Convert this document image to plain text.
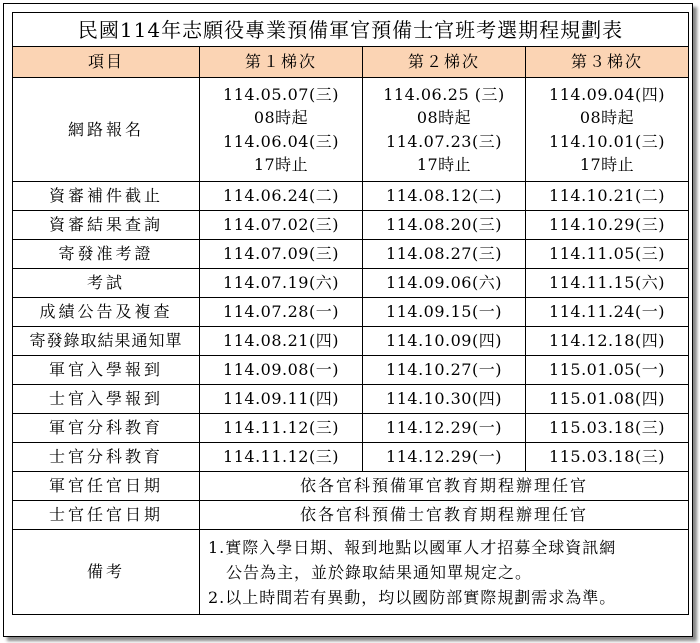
民國114年志願役專業預備軍官預備士官班考選期程規劃表			
項目	第１梯次	第２梯次	第３梯次
網路報名	114.05.07(三)
08時起
114.06.04(三)
17時止	114.06.25 (三)
08時起
114.07.23(三)
17時止	114.09.04(四)
08時起
114.10.01(三)
17時止

資審補件截止	114.06.24(二)	114.08.12(二)	114.10.21(二)
資審結果查詢	114.07.02(三)	114.08.20(三)	114.10.29(三)
寄發准考證	114.07.09(三)	114.08.27(三)	114.11.05(三)
考試	114.07.19(六)	114.09.06(六)	114.11.15(六)
成績公告及複查	114.07.28(一)	114.09.15(一)	114.11.24(一)
寄發錄取結果通知單	114.08.21(四)	114.10.09(四)	114.12.18(四)
軍官入學報到	114.09.08(一)	114.10.27(一)	115.01.05(一)
士官入學報到	114.09.11(四)	114.10.30(四)	115.01.08(四)
軍官分科教育	114.11.12(三)	114.12.29(一)	115.03.18(三)
士官分科教育	114.11.12(三)	114.12.29(一)	115.03.18(三)
軍官任官日期	依各官科預備軍官教育期程辦理任官		
士官任官日期	依各官科預備士官教育期程辦理任官		
備考	1.實際入學日期、報到地點以國軍人才招募全球資訊網
公告為主，並於錄取結果通知單規定之。
2.以上時間若有異動，均以國防部實際規劃需求為準。		
